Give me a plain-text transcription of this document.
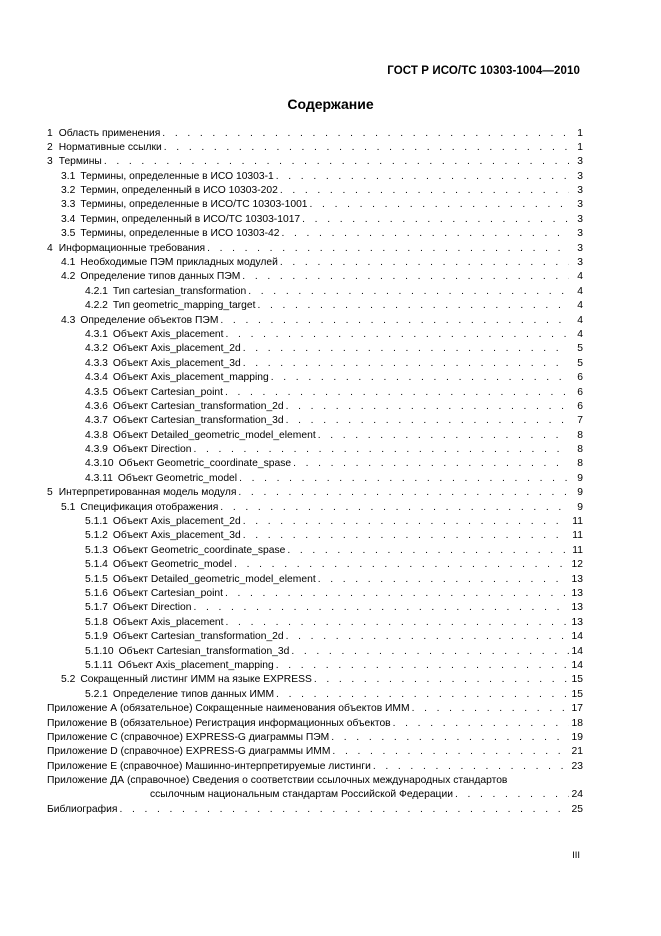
ГОСТ Р ИСО/ТС 10303-1004—2010
Содержание
1 Область применения . . .	1
2 Нормативные ссылки . . .	1
3 Термины . . .	3
3.1 Термины, определенные в ИСО 10303-1 . . .	3
3.2 Термин, определенный в ИСО 10303-202 . . .	3
3.3 Термины, определенные в ИСО/ТС 10303-1001 . . .	3
3.4 Термин, определенный в ИСО/ТС 10303-1017 . . .	3
3.5 Термины, определенные в ИСО 10303-42 . . .	3
4 Информационные требования . . .	3
4.1 Необходимые ПЭМ прикладных модулей . . .	3
4.2 Определение типов данных ПЭМ . . .	4
4.2.1 Тип cartesian_transformation . . .	4
4.2.2 Тип geometric_mapping_target . . .	4
4.3 Определение объектов ПЭМ . . .	4
4.3.1 Объект Axis_placement . . .	4
4.3.2 Объект Axis_placement_2d . . .	5
4.3.3 Объект Axis_placement_3d . . .	5
4.3.4 Объект Axis_placement_mapping . . .	6
4.3.5 Объект Cartesian_point . . .	6
4.3.6 Объект Cartesian_transformation_2d . . .	6
4.3.7 Объект Cartesian_transformation_3d . . .	7
4.3.8 Объект Detailed_geometric_model_element . . .	8
4.3.9 Объект Direction . . .	8
4.3.10 Объект Geometric_coordinate_spase . . .	8
4.3.11 Объект Geometric_model . . .	9
5 Интерпретированная модель модуля . . .	9
5.1 Спецификация отображения . . .	9
5.1.1 Объект Axis_placement_2d . . .	11
5.1.2 Объект Axis_placement_3d . . .	11
5.1.3 Объект Geometric_coordinate_spase . . .	11
5.1.4 Объект Geometric_model . . .	12
5.1.5 Объект Detailed_geometric_model_element . . .	13
5.1.6 Объект Cartesian_point . . .	13
5.1.7 Объект Direction . . .	13
5.1.8 Объект Axis_placement . . .	13
5.1.9 Объект Cartesian_transformation_2d . . .	14
5.1.10 Объект Cartesian_transformation_3d . . .	14
5.1.11 Объект Axis_placement_mapping . . .	14
5.2 Сокращенный листинг ИММ на языке EXPRESS . . .	15
5.2.1 Определение типов данных ИММ . . .	15
Приложение А (обязательное) Сокращенные наименования объектов ИММ . . .	17
Приложение В (обязательное) Регистрация информационных объектов . . .	18
Приложение С (справочное) EXPRESS-G диаграммы ПЭМ . . .	19
Приложение D (справочное) EXPRESS-G диаграммы ИММ . . .	21
Приложение Е (справочное) Машинно-интерпретируемые листинги . . .	23
Приложение ДА (справочное) Сведения о соответствии ссылочных международных стандартов
ссылочным национальным стандартам Российской Федерации . . .	24
Библиография . . .	25
III
